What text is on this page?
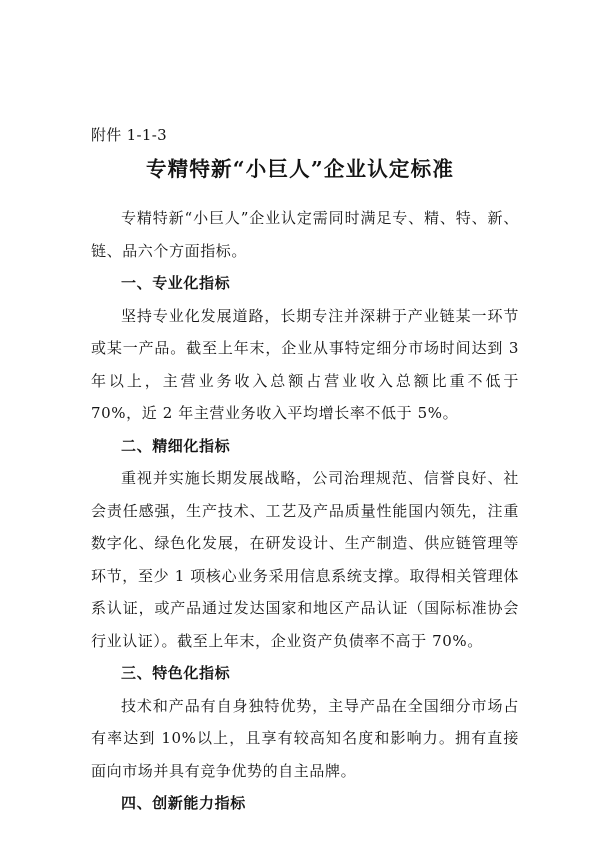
附件 1-1-3
专精特新“小巨人”企业认定标准

专精特新“小巨人”企业认定需同时满足专、精、特、新、链、品六个方面指标。

一、专业化指标

坚持专业化发展道路，长期专注并深耕于产业链某一环节或某一产品。截至上年末，企业从事特定细分市场时间达到 3 年以上，主营业务收入总额占营业收入总额比重不低于 70%，近 2 年主营业务收入平均增长率不低于 5%。

二、精细化指标

重视并实施长期发展战略，公司治理规范、信誉良好、社会责任感强，生产技术、工艺及产品质量性能国内领先，注重数字化、绿色化发展，在研发设计、生产制造、供应链管理等环节，至少 1 项核心业务采用信息系统支撑。取得相关管理体系认证，或产品通过发达国家和地区产品认证（国际标准协会行业认证）。截至上年末，企业资产负债率不高于 70%。

三、特色化指标

技术和产品有自身独特优势，主导产品在全国细分市场占有率达到 10%以上，且享有较高知名度和影响力。拥有直接面向市场并具有竞争优势的自主品牌。

四、创新能力指标
